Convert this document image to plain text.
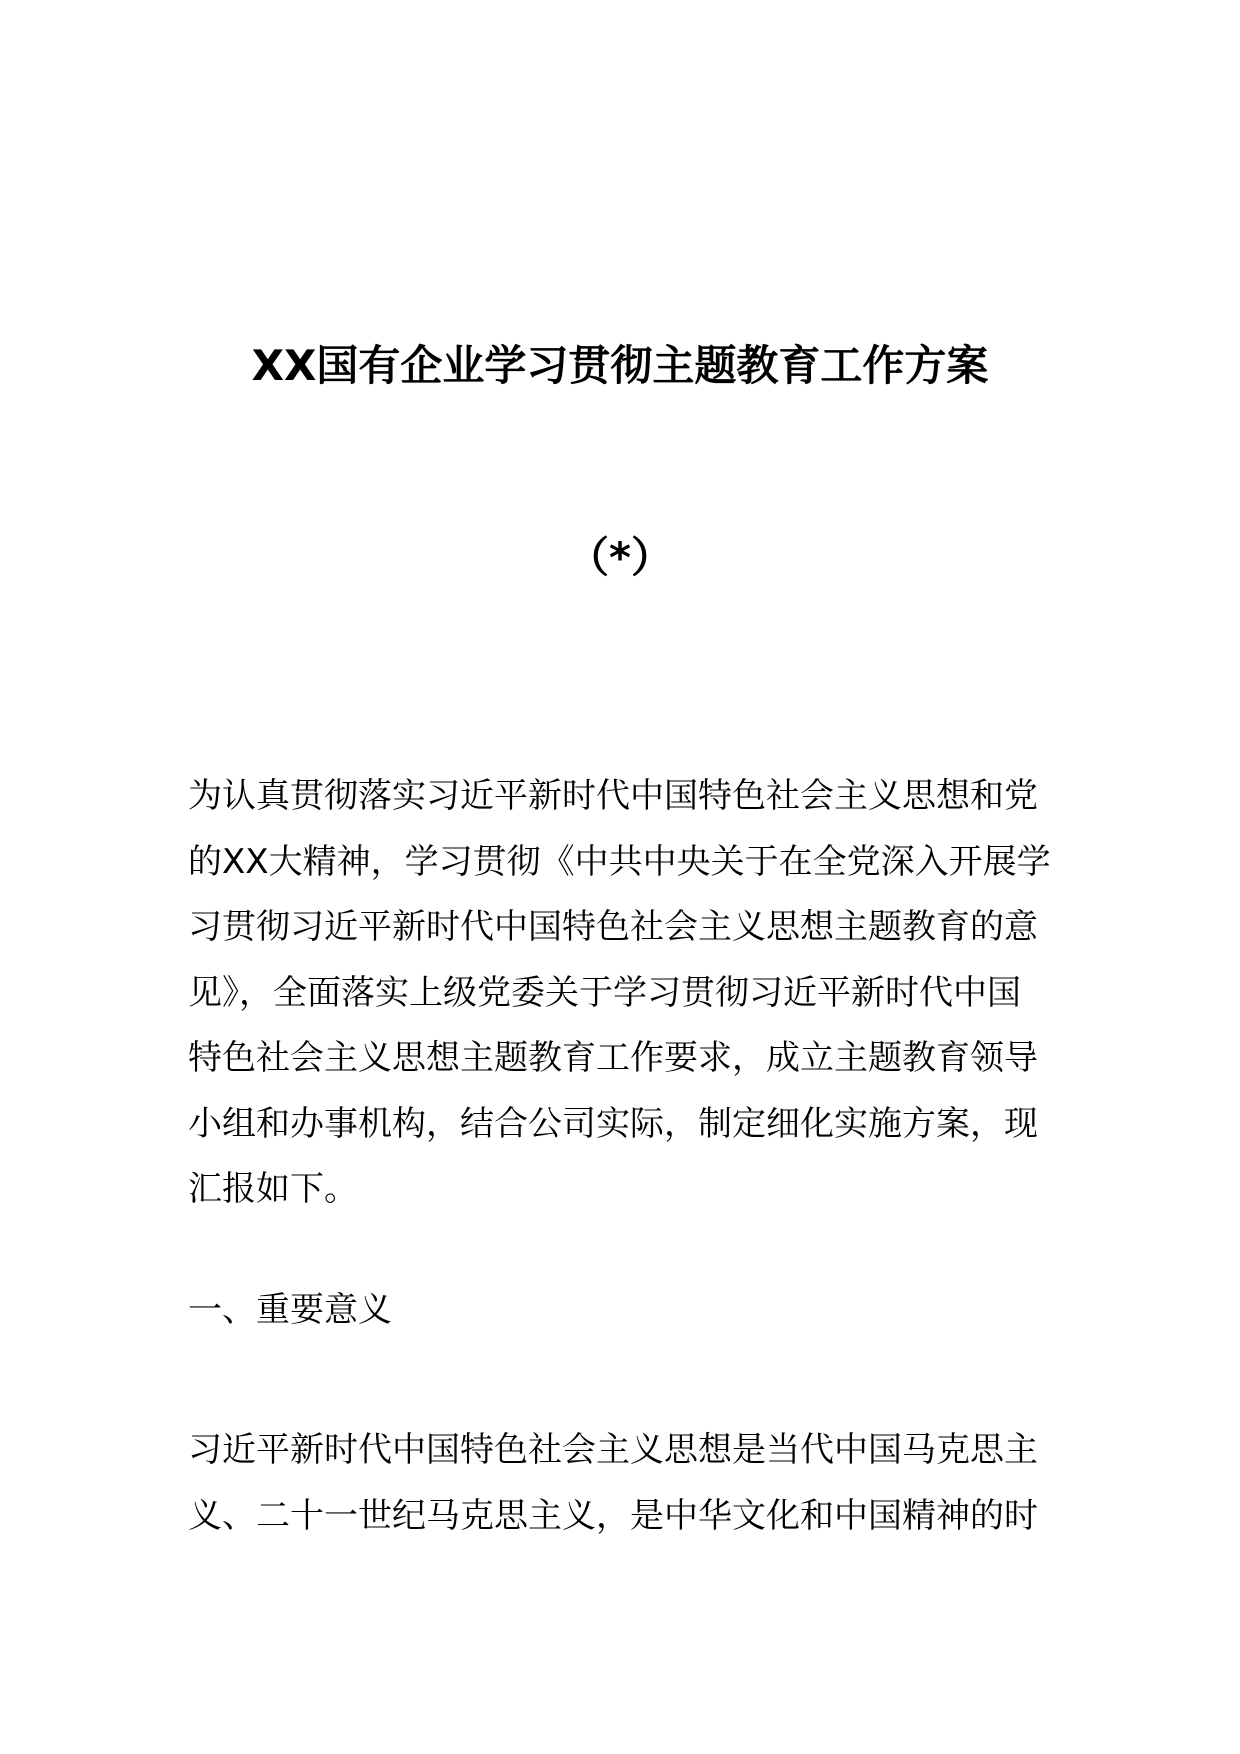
XX国有企业学习贯彻主题教育工作方案
（*）

为认真贯彻落实习近平新时代中国特色社会主义思想和党
的XX大精神，学习贯彻《中共中央关于在全党深入开展学
习贯彻习近平新时代中国特色社会主义思想主题教育的意
见》，全面落实上级党委关于学习贯彻习近平新时代中国
特色社会主义思想主题教育工作要求，成立主题教育领导
小组和办事机构，结合公司实际，制定细化实施方案，现
汇报如下。

一、重要意义

习近平新时代中国特色社会主义思想是当代中国马克思主
义、二十一世纪马克思主义，是中华文化和中国精神的时
